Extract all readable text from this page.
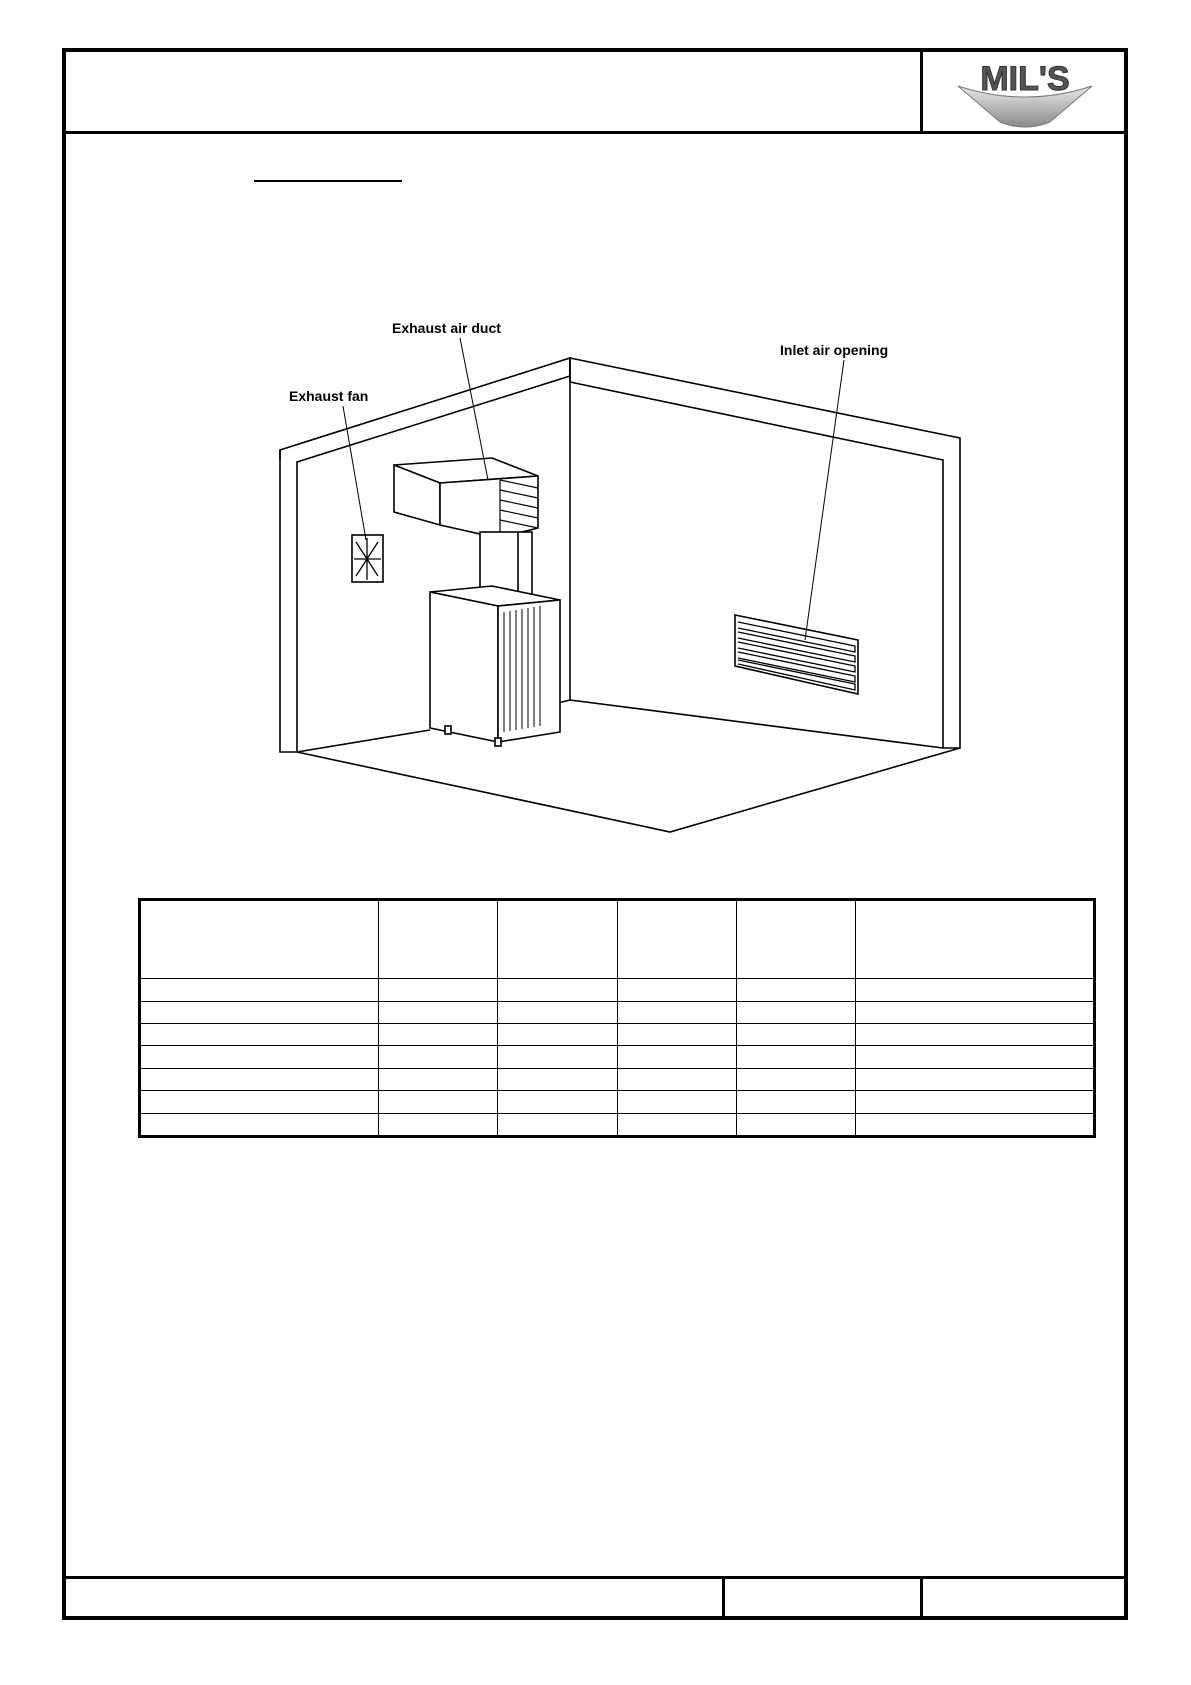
MIL'S
Exhaust air duct
Exhaust fan
Inlet air opening
